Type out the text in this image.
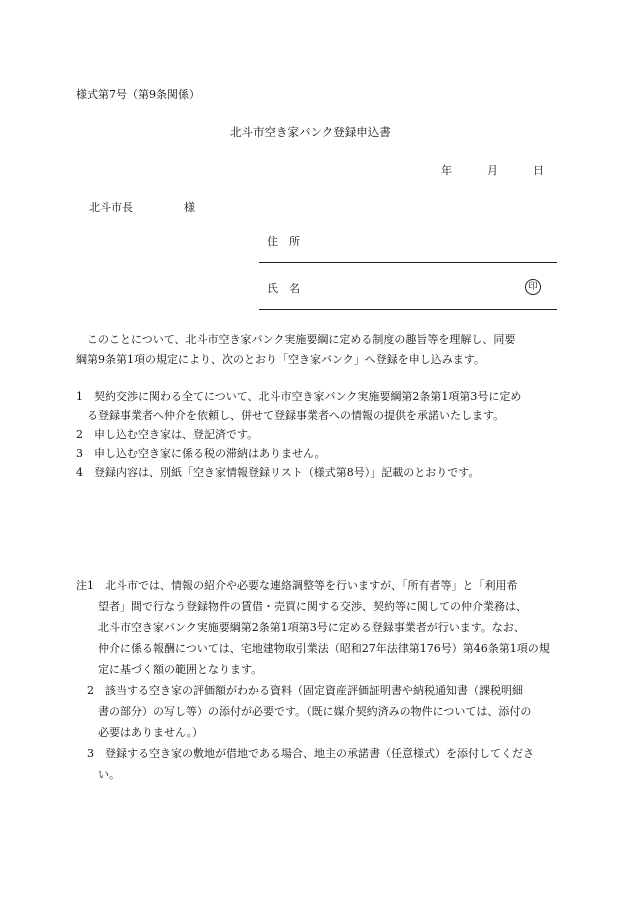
様式第7号（第9条関係）
北斗市空き家バンク登録申込書
年	月	日
北斗市長	様
住　所
氏　名	印
　このことについて、北斗市空き家バンク実施要綱に定める制度の趣旨等を理解し、同要
綱第9条第1項の規定により、次のとおり「空き家バンク」へ登録を申し込みます。
1　契約交渉に関わる全てについて、北斗市空き家バンク実施要綱第2条第1項第3号に定め
　る登録事業者へ仲介を依頼し、併せて登録事業者への情報の提供を承諾いたします。
2　申し込む空き家は、登記済です。
3　申し込む空き家に係る税の滞納はありません。
4　登録内容は、別紙「空き家情報登録リスト（様式第8号）」記載のとおりです。
注1　北斗市では、情報の紹介や必要な連絡調整等を行いますが、「所有者等」と「利用希
　　望者」間で行なう登録物件の賃借・売買に関する交渉、契約等に関しての仲介業務は、
　　北斗市空き家バンク実施要綱第2条第1項第3号に定める登録事業者が行います。なお、
　　仲介に係る報酬については、宅地建物取引業法（昭和27年法律第176号）第46条第1項の規
　　定に基づく額の範囲となります。
　2　該当する空き家の評価額がわかる資料（固定資産評価証明書や納税通知書（課税明細
　　書の部分）の写し等）の添付が必要です。（既に媒介契約済みの物件については、添付の
　　必要はありません。）
　3　登録する空き家の敷地が借地である場合、地主の承諾書（任意様式）を添付してくださ
　　い。
